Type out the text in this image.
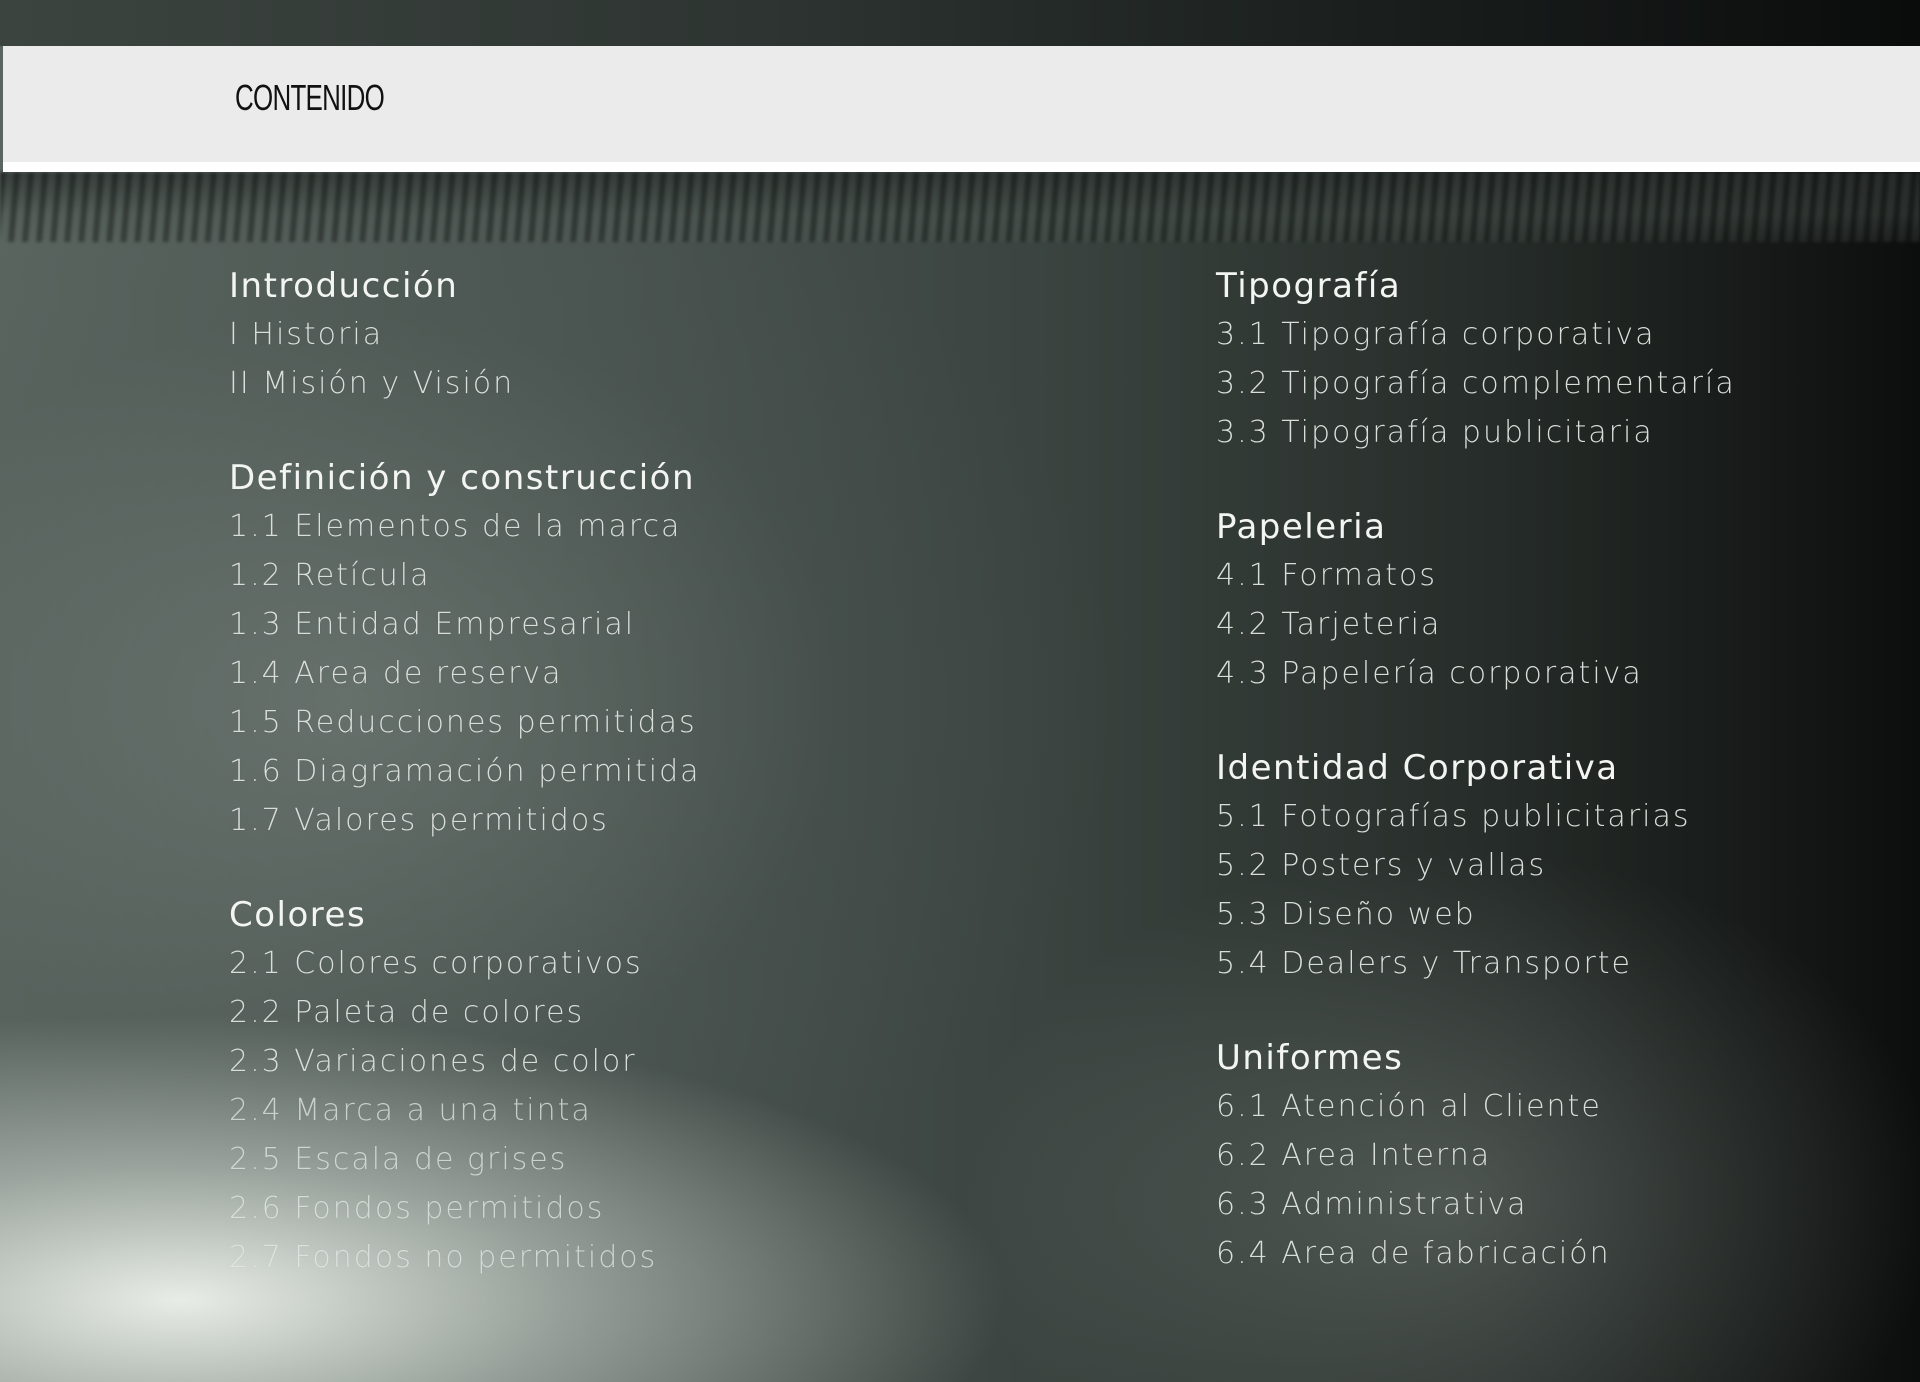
CONTENIDO
Introducción
I Historia
II Misión y Visión
Definición y construcción
1.1 Elementos de la marca
1.2 Retícula
1.3 Entidad Empresarial
1.4 Area de reserva
1.5 Reducciones permitidas
1.6 Diagramación permitida
1.7 Valores permitidos
Colores
2.1 Colores corporativos
2.2 Paleta de colores
2.3 Variaciones de color
2.4 Marca a una tinta
2.5 Escala de grises
2.6 Fondos permitidos
2.7 Fondos no permitidos
Tipografía
3.1 Tipografía corporativa
3.2 Tipografía complementaría
3.3 Tipografía publicitaria
Papeleria
4.1 Formatos
4.2 Tarjeteria
4.3 Papelería corporativa
Identidad Corporativa
5.1 Fotografías publicitarias
5.2 Posters y vallas
5.3 Diseño web
5.4 Dealers y Transporte
Uniformes
6.1 Atención al Cliente
6.2 Area Interna
6.3 Administrativa
6.4 Area de fabricación
